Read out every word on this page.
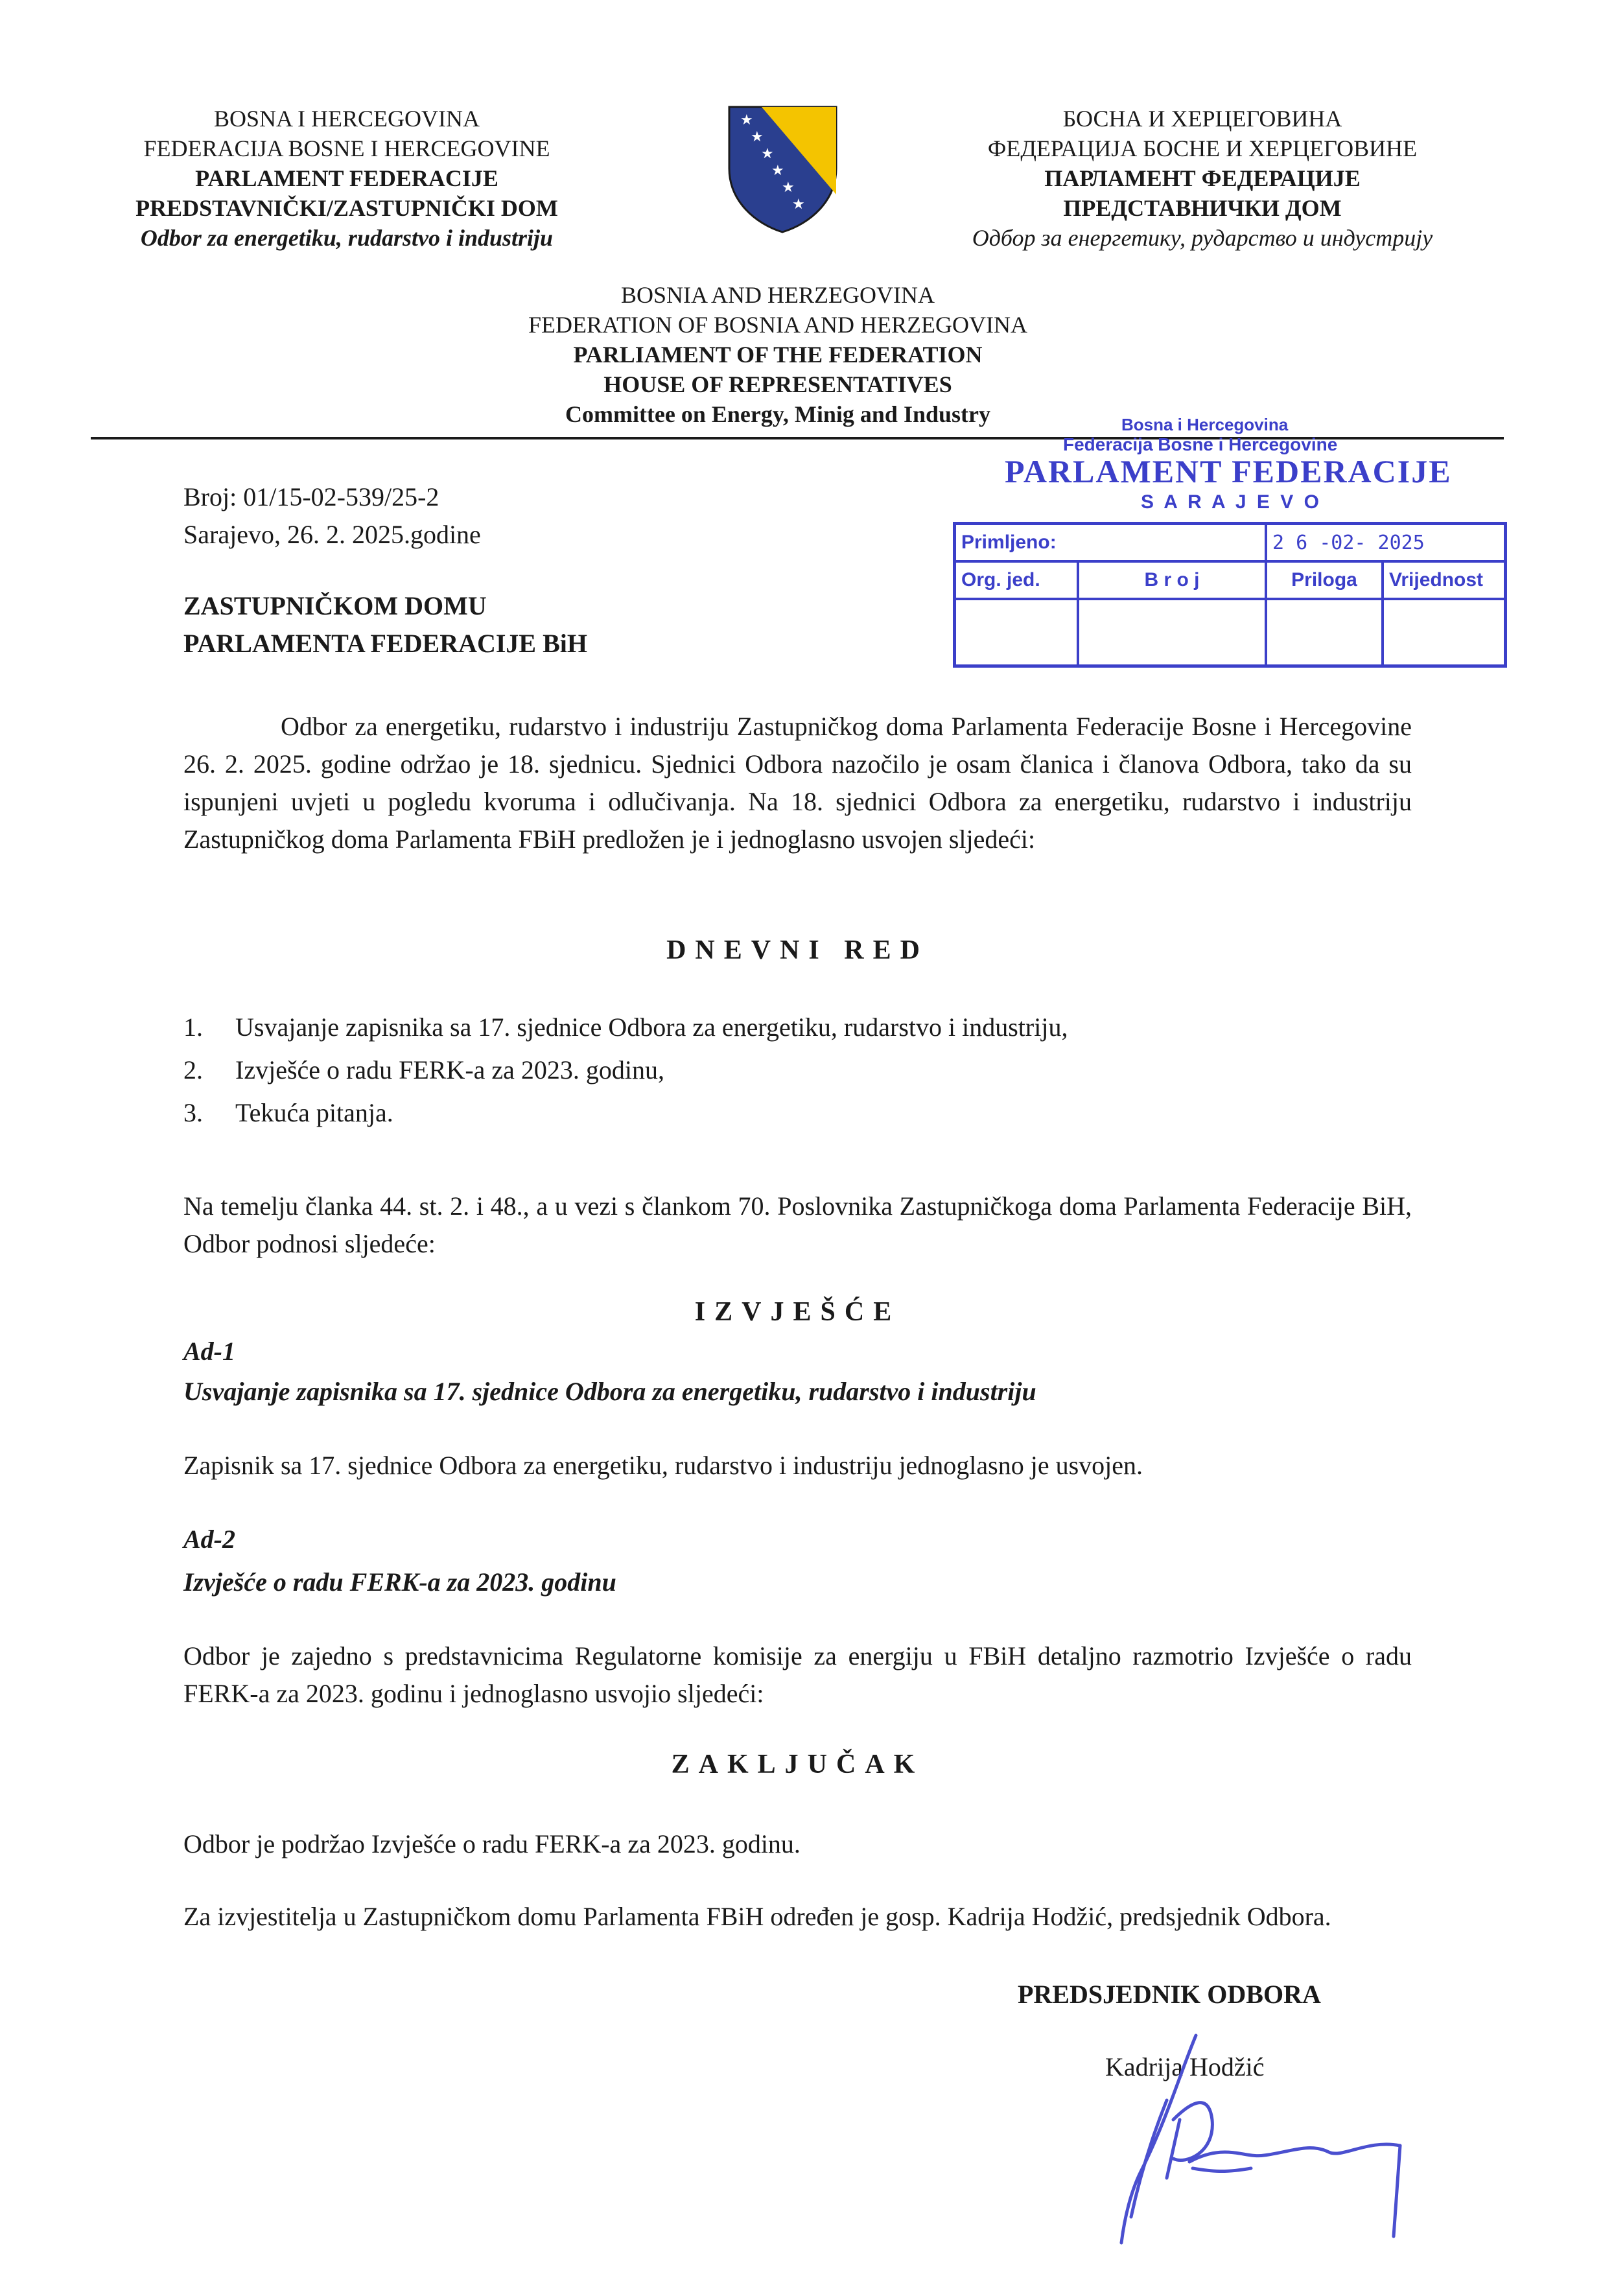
BOSNA I HERCEGOVINA
FEDERACIJA BOSNE I HERCEGOVINE
PARLAMENT FEDERACIJE
PREDSTAVNIČKI/ZASTUPNIČKI DOM
Odbor za energetiku, rudarstvo i industriju
★
★
★
★
★
★
БОСНА И ХЕРЦЕГОВИНА
ФЕДЕРАЦИЈА БОСНЕ И ХЕРЦЕГОВИНЕ
ПАРЛАМЕНТ ФЕДЕРАЦИЈЕ
ПРЕДСТАВНИЧКИ ДОМ
Одбор за енергетику, рударство и индустрију
BOSNIA AND HERZEGOVINA
FEDERATION OF BOSNIA AND HERZEGOVINA
PARLIAMENT OF THE FEDERATION
HOUSE OF REPRESENTATIVES
Committee on Energy, Minig and Industry	Bosna i Hercegovina
Federacija Bosne i Hercegovine
PARLAMENT FEDERACIJE
S A R A J E V O
Primljeno:		2 6 -02- 2025	
Org. jed.	B r o j	Priloga	Vrijednost

Broj: 01/15-02-539/25-2
Sarajevo, 26. 2. 2025.godine
ZASTUPNIČKOM DOMU
PARLAMENTA FEDERACIJE BiH
Odbor za energetiku, rudarstvo i industriju Zastupničkog doma Parlamenta Federacije Bosne i Hercegovine 26. 2. 2025. godine održao je 18. sjednicu. Sjednici Odbora nazočilo je osam članica i članova Odbora, tako da su ispunjeni uvjeti u pogledu kvoruma i odlučivanja. Na 18. sjednici Odbora za energetiku, rudarstvo i industriju Zastupničkog doma Parlamenta FBiH predložen je i jednoglasno usvojen sljedeći:
DNEVNI RED
1. Usvajanje zapisnika sa 17. sjednice Odbora za energetiku, rudarstvo i industriju,
2. Izvješće o radu FERK-a za 2023. godinu,
3. Tekuća pitanja.
Na temelju članka 44. st. 2. i 48., a u vezi s člankom 70. Poslovnika Zastupničkoga doma Parlamenta Federacije BiH, Odbor podnosi sljedeće:
IZVJEŠĆE
Ad-1
Usvajanje zapisnika sa 17. sjednice Odbora za energetiku, rudarstvo i industriju
Zapisnik sa 17. sjednice Odbora za energetiku, rudarstvo i industriju jednoglasno je usvojen.
Ad-2
Izvješće o radu FERK-a za 2023. godinu
Odbor je zajedno s predstavnicima Regulatorne komisije za energiju u FBiH detaljno razmotrio Izvješće o radu FERK-a za 2023. godinu i jednoglasno usvojio sljedeći:
ZAKLJUČAK
Odbor je podržao Izvješće o radu FERK-a za 2023. godinu.
Za izvjestitelja u Zastupničkom domu Parlamenta FBiH određen je gosp. Kadrija Hodžić, predsjednik Odbora.
PREDSJEDNIK ODBORA
Kadrija Hodžić
